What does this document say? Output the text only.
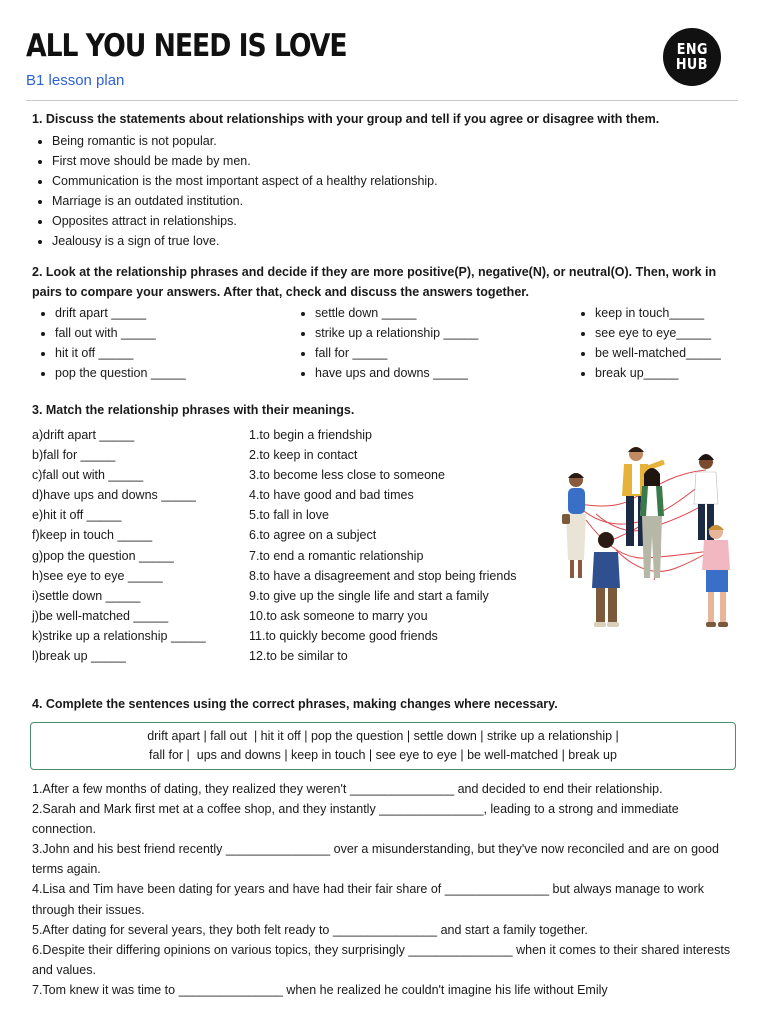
ALL YOU NEED IS LOVE

B1 lesson plan

ENG
HUB

1. Discuss the statements about relationships with your group and tell if you agree or disagree with them.

• Being romantic is not popular.
• First move should be made by men.
• Communication is the most important aspect of a healthy relationship.
• Marriage is an outdated institution.
• Opposites attract in relationships.
• Jealousy is a sign of true love.

2. Look at the relationship phrases and decide if they are more positive(P), negative(N), or neutral(O). Then, work in pairs to compare your answers. After that, check and discuss the answers together.

• drift apart _____
• fall out with _____
• hit it off _____
• pop the question _____
• settle down _____
• strike up a relationship _____
• fall for _____
• have ups and downs _____
• keep in touch_____
• see eye to eye_____
• be well-matched_____
• break up_____

3. Match the relationship phrases with their meanings.

a)drift apart _____
b)fall for _____
c)fall out with _____
d)have ups and downs _____
e)hit it off _____
f)keep in touch _____
g)pop the question _____
h)see eye to eye _____
i)settle down _____
j)be well-matched _____
k)strike up a relationship _____
l)break up _____
1.to begin a friendship
2.to keep in contact
3.to become less close to someone
4.to have good and bad times
5.to fall in love
6.to agree on a subject
7.to end a romantic relationship
8.to have a disagreement and stop being friends
9.to give up the single life and start a family
10.to ask someone to marry you
11.to quickly become good friends
12.to be similar to

4. Complete the sentences using the correct phrases, making changes where necessary.

drift apart | fall out  | hit it off | pop the question | settle down | strike up a relationship |
fall for |  ups and downs | keep in touch | see eye to eye | be well-matched | break up
1.After a few months of dating, they realized they weren't _______________ and decided to end their relationship.
2.Sarah and Mark first met at a coffee shop, and they instantly _______________, leading to a strong and immediate connection.
3.John and his best friend recently _______________ over a misunderstanding, but they've now reconciled and are on good terms again.
4.Lisa and Tim have been dating for years and have had their fair share of _______________ but always manage to work through their issues.
5.After dating for several years, they both felt ready to _______________ and start a family together.
6.Despite their differing opinions on various topics, they surprisingly _______________ when it comes to their shared interests and values.
7.Tom knew it was time to _______________ when he realized he couldn't imagine his life without Emily
